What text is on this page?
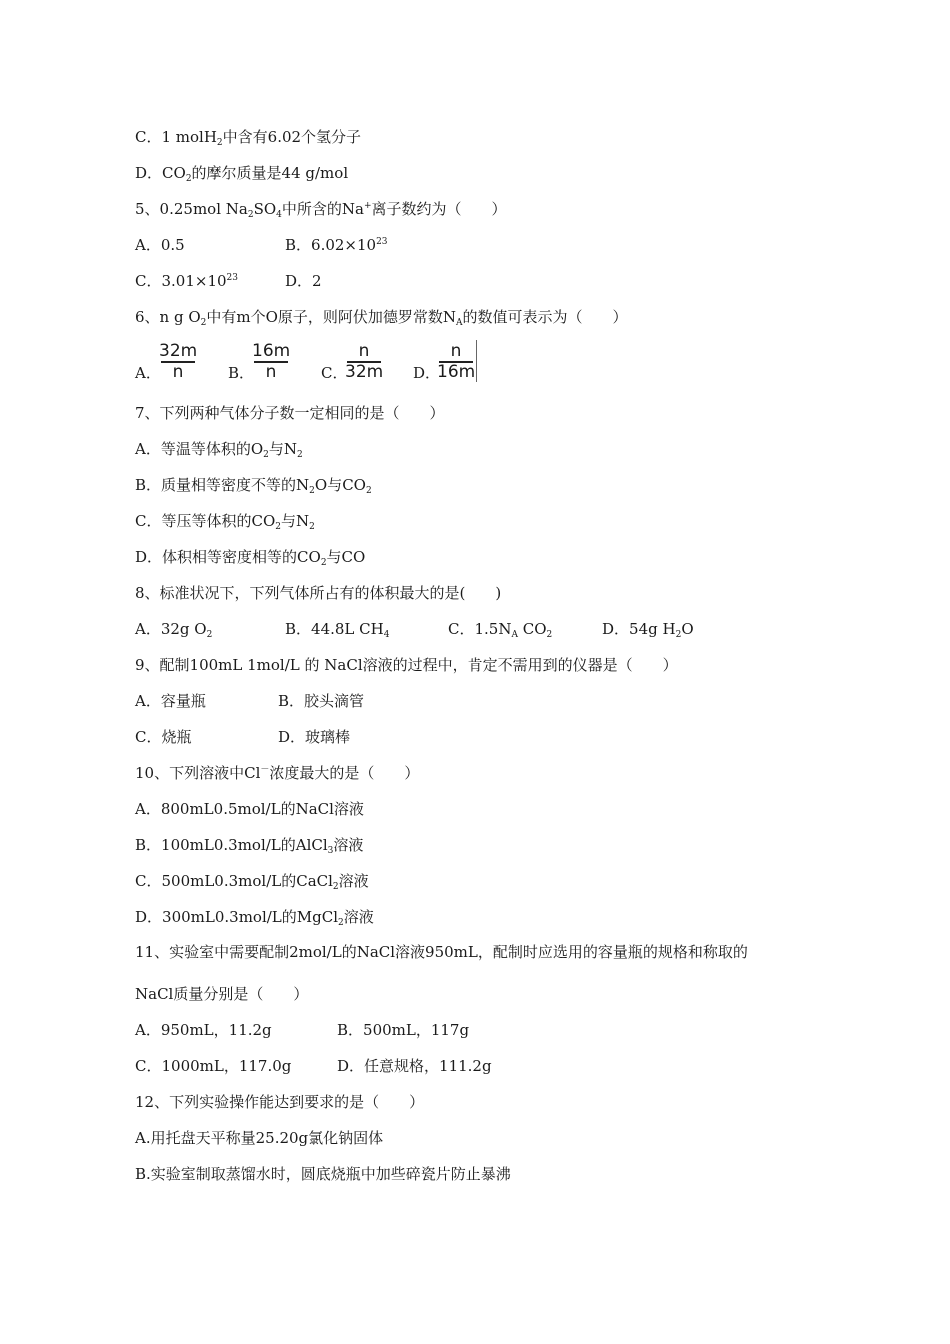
C．1 molH$_2$中含有6.02个氢分子
D．$CO_2$的摩尔质量是44 g/mol
5、0.25mol $Na_2SO_4$中所含的Na+离子数约为（　　）
A．0.5	B．$6.02\times 10^{23}$
C．$3.01\times 10^{23}$	D．2
6、n g $O_2$中有m个O原子，则阿伏加德罗常数$N_A$的数值可表示为（　　）
A．
32m
n	B．
16m
n	C．
n
32m D．
n
16m
7、下列两种气体分子数一定相同的是（　　）
A．等温等体积的$O_2$与$N_2$
B．质量相等密度不等的$N_2O$与$CO_2$
C．等压等体积的$CO_2$与$N_2$
D．体积相等密度相等的$CO_2$与CO
8、标准状况下，下列气体所占有的体积最大的是(　　)
A．32g $O_2$	B．44.8L $CH_4$	C．$1.5N_A$ $CO_2$	D．54g $H_2O$
9、配制100mL 1mol/L 的 NaCl溶液的过程中，肯定不需用到的仪器是（　　）
A．容量瓶	B．胶头滴管
C．烧瓶	D．玻璃棒
10、下列溶液中Cl－浓度最大的是（　　）
A．800mL0.5mol/L的NaCl溶液
B．100mL0.3mol/L的AlCl$_3$溶液
C．500mL0.3mol/L的CaCl$_2$溶液
D．300mL0.3mol/L的MgCl$_2$溶液
11、实验室中需要配制2mol/L的NaCl溶液950mL，配制时应选用的容量瓶的规格和称取的
NaCl质量分别是（　　）
A．950mL，11.2g	B．500mL，117g
C．1000mL，117.0g	D．任意规格，111.2g
12、下列实验操作能达到要求的是（　　）
A.用托盘天平称量25.20g氯化钠固体
B.实验室制取蒸馏水时，圆底烧瓶中加些碎瓷片防止暴沸
